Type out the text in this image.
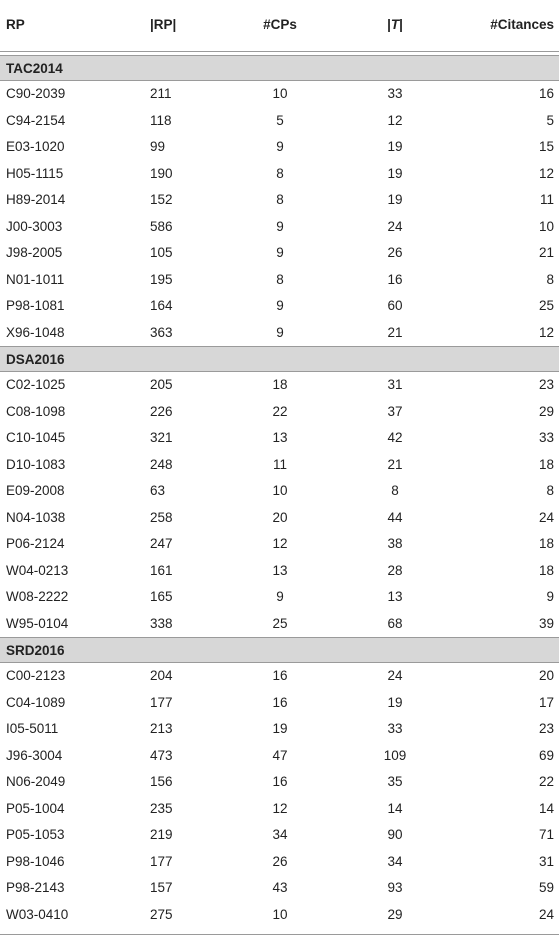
RP	|RP|	#CPs	|T|	#Citances
TAC2014
C90-2039	211	10	33	16
C94-2154	118	5	12	5
E03-1020	99	9	19	15
H05-1115	190	8	19	12
H89-2014	152	8	19	11
J00-3003	586	9	24	10
J98-2005	105	9	26	21
N01-1011	195	8	16	8
P98-1081	164	9	60	25
X96-1048	363	9	21	12
DSA2016
C02-1025	205	18	31	23
C08-1098	226	22	37	29
C10-1045	321	13	42	33
D10-1083	248	11	21	18
E09-2008	63	10	8	8
N04-1038	258	20	44	24
P06-2124	247	12	38	18
W04-0213	161	13	28	18
W08-2222	165	9	13	9
W95-0104	338	25	68	39
SRD2016
C00-2123	204	16	24	20
C04-1089	177	16	19	17
I05-5011	213	19	33	23
J96-3004	473	47	109	69
N06-2049	156	16	35	22
P05-1004	235	12	14	14
P05-1053	219	34	90	71
P98-1046	177	26	34	31
P98-2143	157	43	93	59
W03-0410	275	10	29	24
